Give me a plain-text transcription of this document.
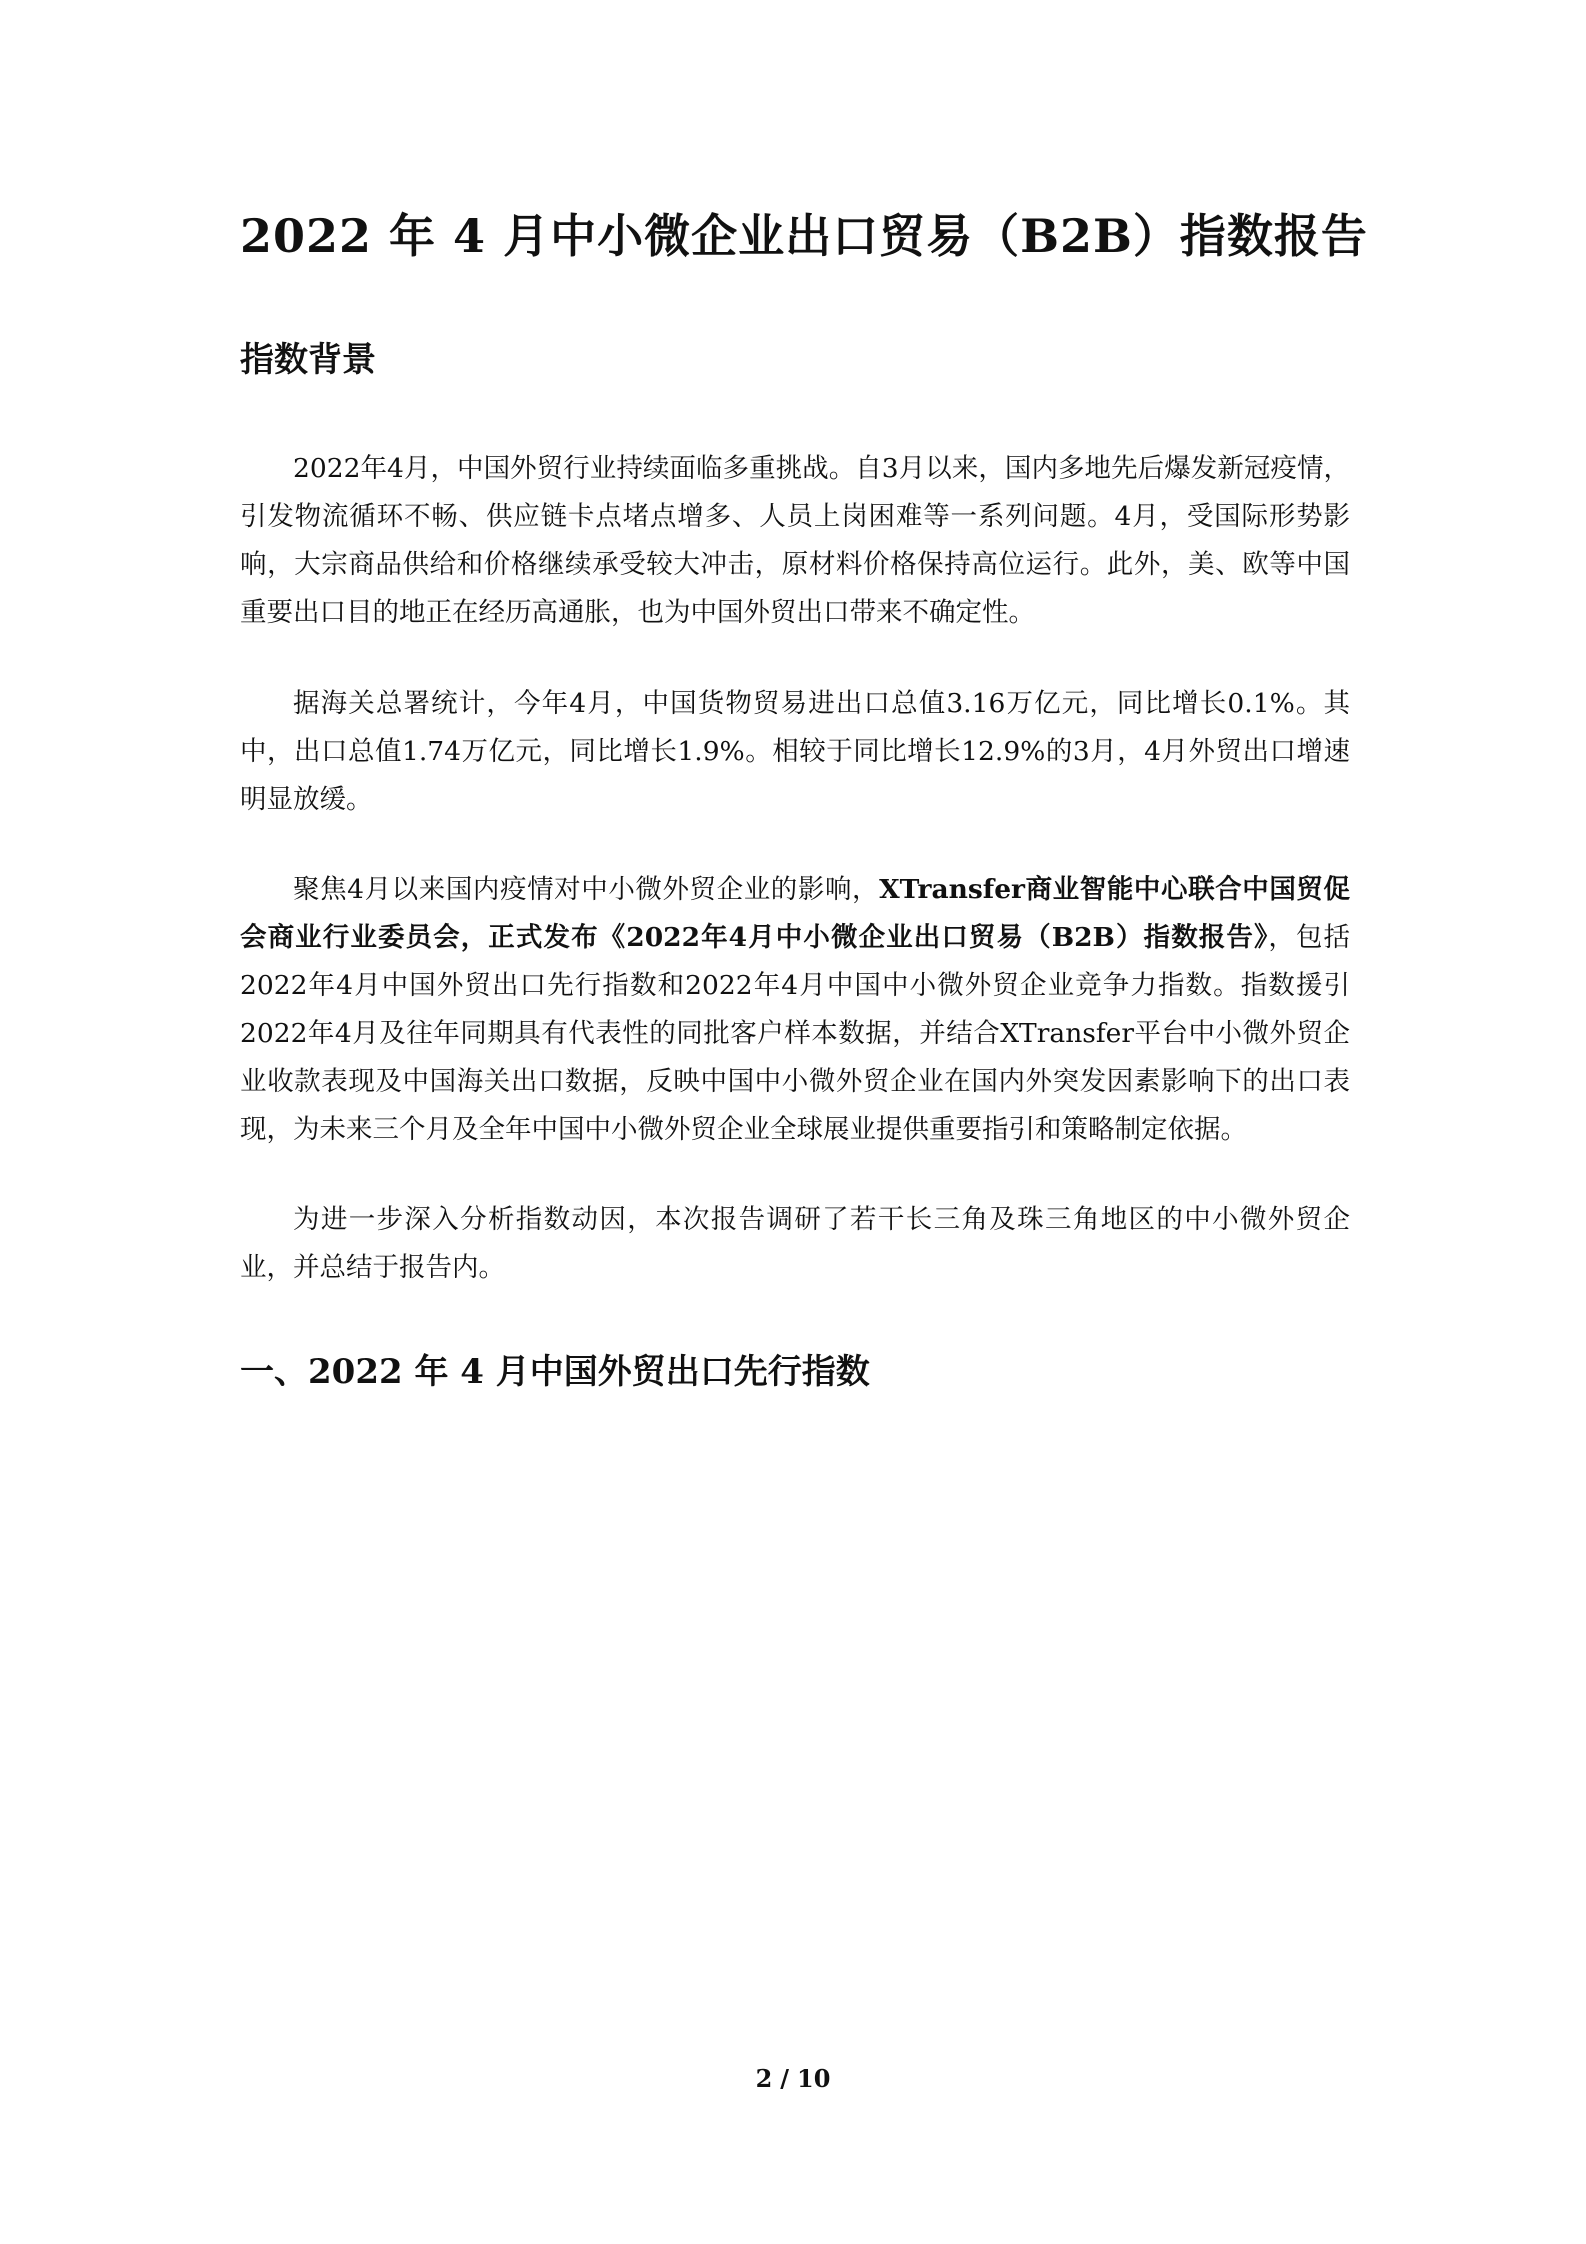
2022 年 4 月中小微企业出口贸易（B2B）指数报告
指数背景

2022年4月，中国外贸行业持续面临多重挑战。自3月以来，国内多地先后爆发新冠疫情，引发物流循环不畅、供应链卡点堵点增多、人员上岗困难等一系列问题。4月，受国际形势影响，大宗商品供给和价格继续承受较大冲击，原材料价格保持高位运行。此外，美、欧等中国重要出口目的地正在经历高通胀，也为中国外贸出口带来不确定性。

据海关总署统计，今年4月，中国货物贸易进出口总值3.16万亿元，同比增长0.1%。其中，出口总值1.74万亿元，同比增长1.9%。相较于同比增长12.9%的3月，4月外贸出口增速明显放缓。

聚焦4月以来国内疫情对中小微外贸企业的影响，XTransfer商业智能中心联合中国贸促会商业行业委员会，正式发布《2022年4月中小微企业出口贸易（B2B）指数报告》，包括2022年4月中国外贸出口先行指数和2022年4月中国中小微外贸企业竞争力指数。指数援引2022年4月及往年同期具有代表性的同批客户样本数据，并结合XTransfer平台中小微外贸企业收款表现及中国海关出口数据，反映中国中小微外贸企业在国内外突发因素影响下的出口表现，为未来三个月及全年中国中小微外贸企业全球展业提供重要指引和策略制定依据。

为进一步深入分析指数动因，本次报告调研了若干长三角及珠三角地区的中小微外贸企业，并总结于报告内。

一、2022 年 4 月中国外贸出口先行指数
2 / 10
